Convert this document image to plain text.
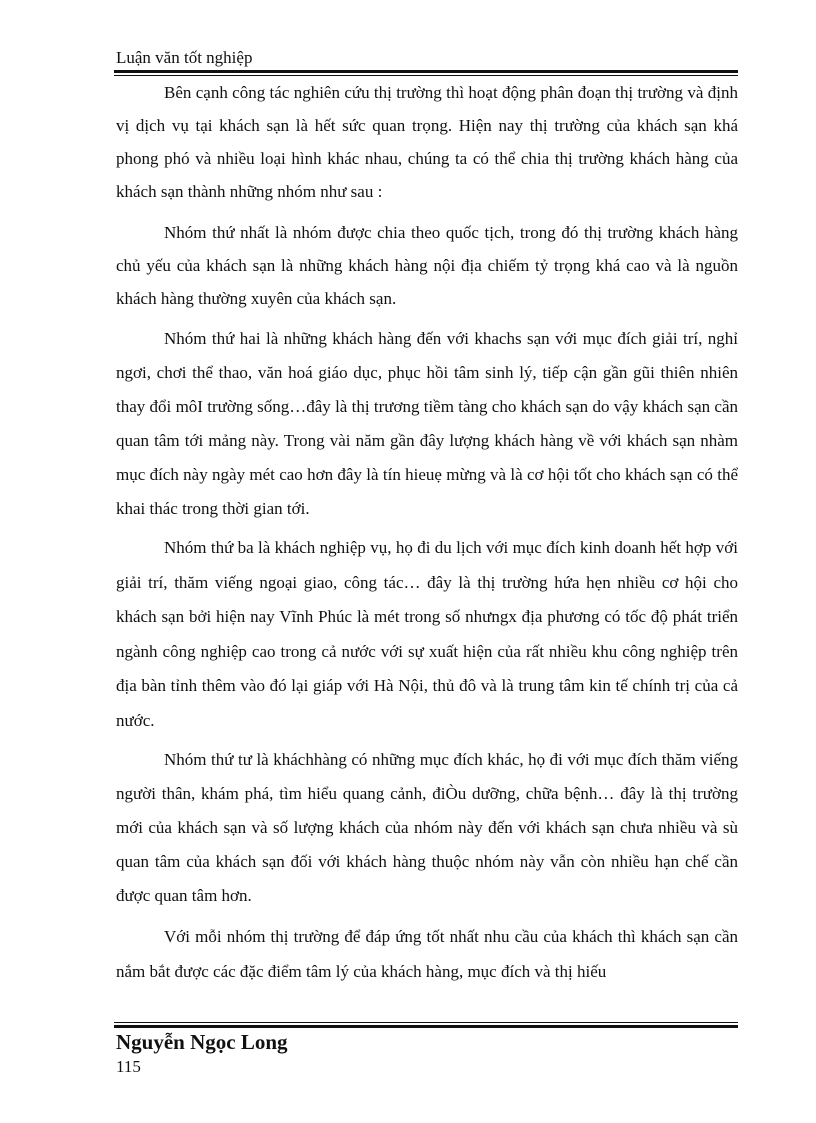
Luận văn tốt nghiệp

Bên cạnh công tác nghiên cứu thị trường thì hoạt động phân đoạn thị trường và định vị dịch vụ tại khách sạn là hết sức quan trọng. Hiện nay thị trường của khách sạn khá phong phó và nhiều loại hình khác nhau, chúng ta có thể chia thị trường khách hàng của khách sạn thành những nhóm như sau :

Nhóm thứ nhất là nhóm được chia theo quốc tịch, trong đó thị trường khách hàng chủ yếu của khách sạn là những khách hàng nội địa chiếm tỷ trọng khá cao và là nguồn khách hàng thường xuyên của khách sạn.

Nhóm thứ hai là những khách hàng đến với khachs sạn với mục đích giải trí, nghỉ ngơi, chơi thể thao, văn hoá giáo dục, phục hồi tâm sinh lý, tiếp cận gần gũi thiên nhiên thay đổi môI trường sống…đây là thị trương tiềm tàng cho khách sạn do vậy khách sạn cần quan tâm tới mảng này. Trong vài năm gần đây lượng khách hàng về với khách sạn nhàm mục đích này ngày mét cao hơn đây là tín hieuẹ mừng và là cơ hội tốt cho khách sạn có thể khai thác trong thời gian tới.

Nhóm thứ ba là khách nghiệp vụ, họ đi du lịch với mục đích kinh doanh hết hợp với giải trí, thăm viếng ngoại giao, công tác… đây là thị trường hứa hẹn nhiều cơ hội cho khách sạn bởi hiện nay Vĩnh Phúc là mét trong số nhưngx địa phương có tốc độ phát triển ngành công nghiệp cao trong cả nước với sự xuất hiện của rất nhiều khu công nghiệp trên địa bàn tỉnh thêm vào đó lại giáp với Hà Nội, thủ đô và là trung tâm kin tế chính trị của cả nước.

Nhóm thứ tư là kháchhàng có những mục đích khác, họ đi với mục đích thăm viếng người thân, khám phá, tìm hiểu quang cảnh, điÒu dưỡng, chữa bệnh… đây là thị trường mới của khách sạn và số lượng khách của nhóm này đến với khách sạn chưa nhiều và sù quan tâm của khách sạn đối với khách hàng thuộc nhóm này vẫn còn nhiều hạn chế cần được quan tâm hơn.

Với mỗi nhóm thị trường để đáp ứng tốt nhất nhu cầu của khách thì khách sạn cần nắm bắt được các đặc điểm tâm lý của khách hàng, mục đích và thị hiếu

Nguyễn Ngọc Long
115
